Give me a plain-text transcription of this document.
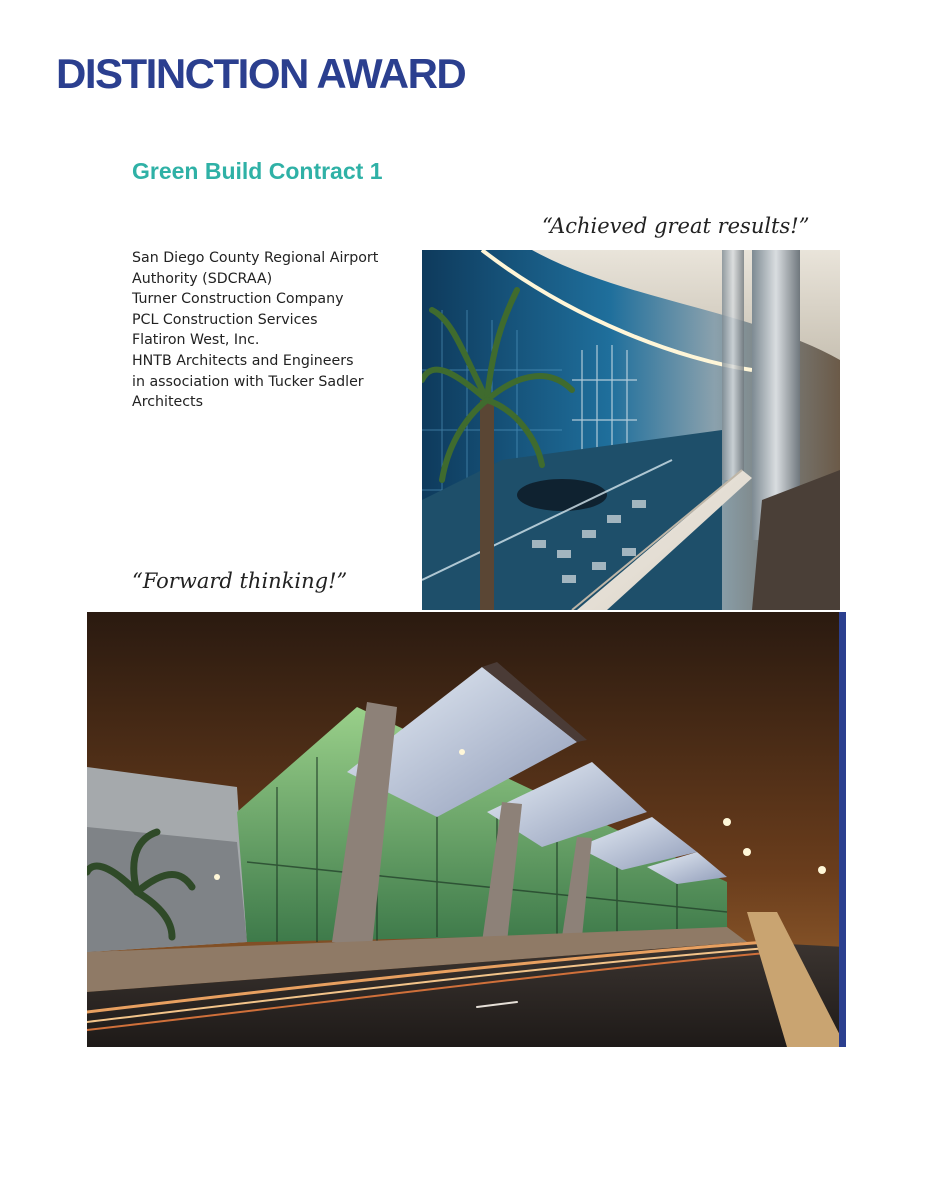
DISTINCTION AWARD
Green Build Contract 1
“Achieved great results!”
San Diego County Regional Airport
Authority (SDCRAA)
Turner Construction Company
PCL Construction Services
Flatiron West, Inc.
HNTB Architects and Engineers
in association with Tucker Sadler
Architects
“Forward thinking!”
